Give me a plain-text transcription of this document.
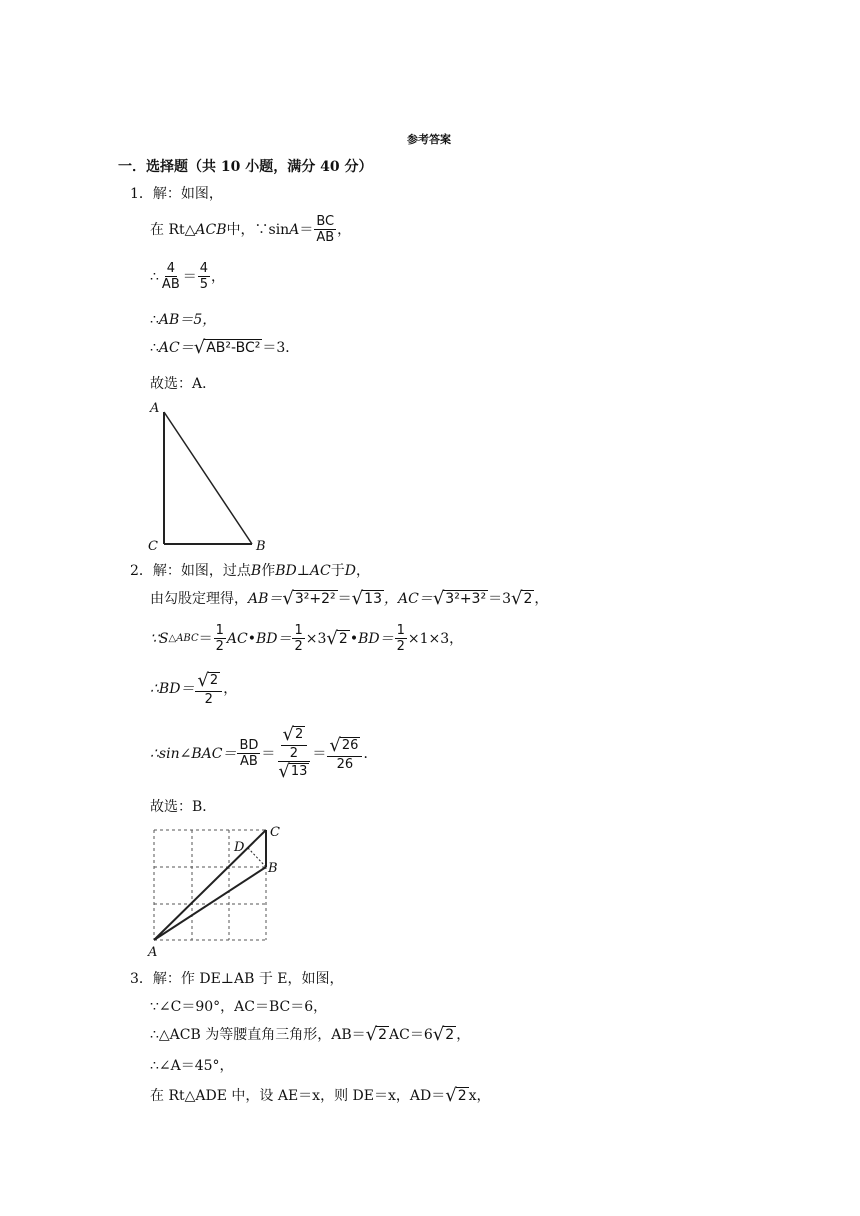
参考答案
一．选择题（共 10 小题，满分 40 分）
1．解：如图，
在 Rt△ ACB 中，∵sin $A = \frac{BC}{AB}$ ，
∴ $\frac{4}{AB} = \frac{4}{5}$ ，
∴ AB＝5，
∴ AC＝ √ AB²-BC² ＝3．
故选：A．
A
C	B
2．解：如图，过点 B 作 BD ⊥ AC 于 D ，
由勾股定理得， AB＝ √ 3²+2² ＝ √ 13 ，AC＝ √ 3²+3² ＝3 √ 2 ，
∵S △ABC ＝ $\frac{1}{2}$ AC•BD＝ $\frac{1}{2} \times 3$ √ 2 •BD＝ $\frac{1}{2} \times 1\times 3$，
∴BD＝ $\frac{√ 2}{2}$ ，
∴sin∠BAC＝ $\frac{BD}{AB} = \frac{\frac{√ 2}{2}}{√ 13} = \frac{√ 26}{26}$ ．
故选：B．
A
C
B
D
3．解：作 DE⊥AB 于 E，如图，
∵∠C＝90°，AC＝BC＝6，
∴△ACB 为等腰直角三角形，AB＝ √ 2 AC＝6 √ 2 ，
∴∠A＝45°，
在 Rt△ADE 中，设 AE＝x，则 DE＝x，AD＝ √ 2 x，
